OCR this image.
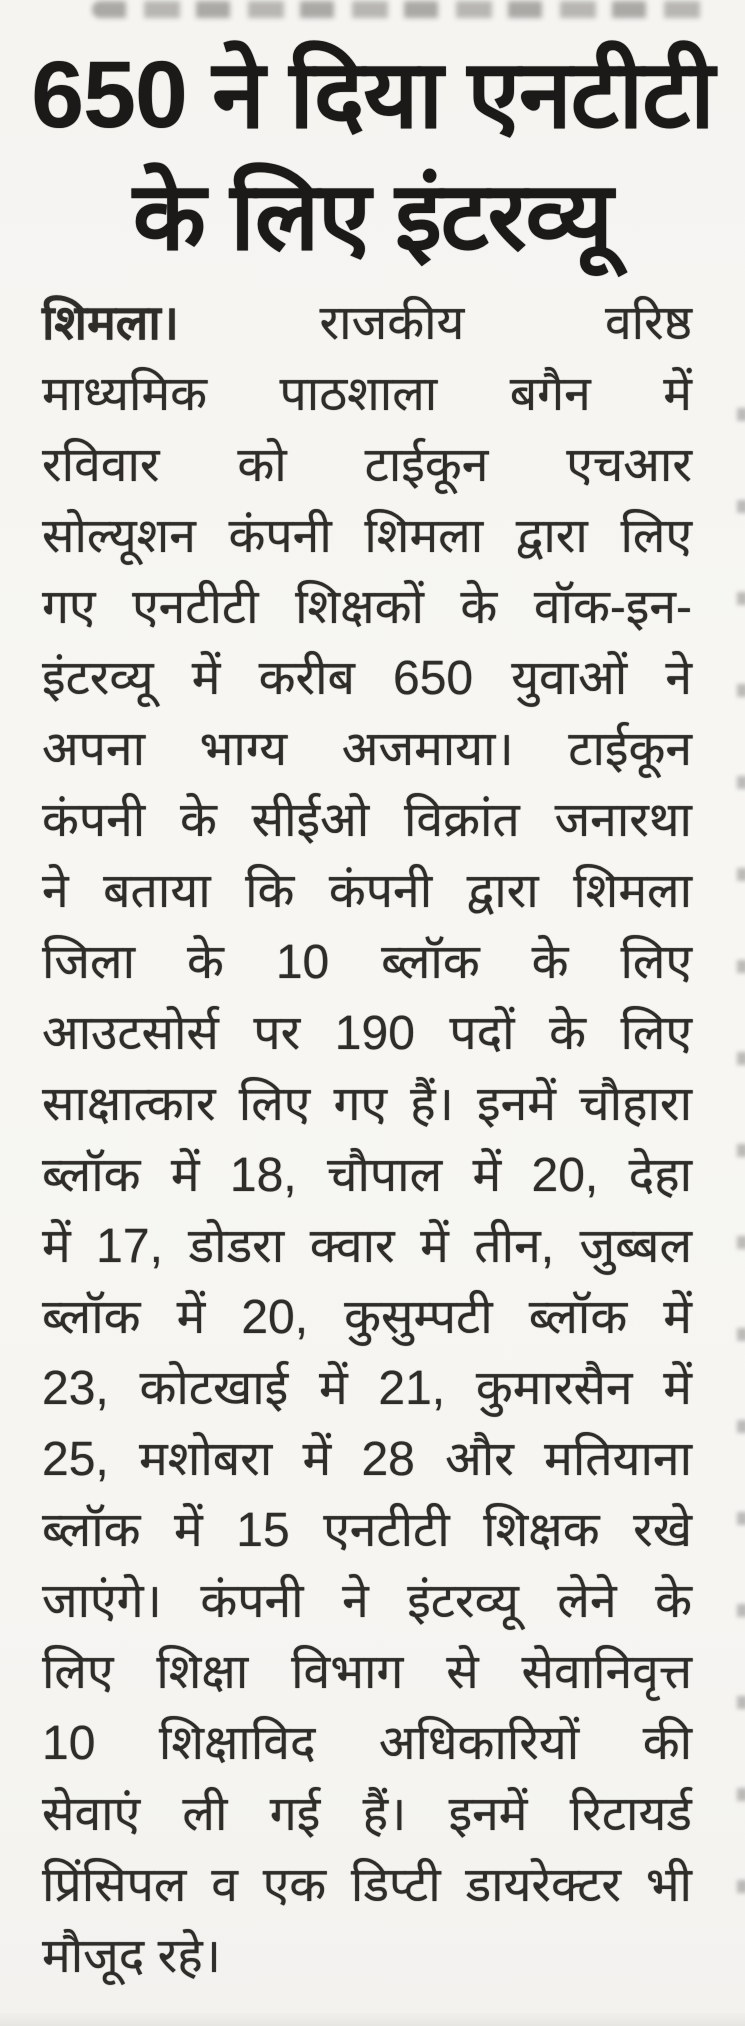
650 ने दिया एनटीटी
के लिए इंटरव्यू
शिमला।	राजकीय वरिष्ठ
माध्यमिक पाठशाला बगैन में
रविवार को टाईकून एचआर
सोल्यूशन कंपनी शिमला द्वारा लिए
गए एनटीटी शिक्षकों के वॉक-इन-
इंटरव्यू में करीब 650 युवाओं ने
अपना भाग्य अजमाया। टाईकून
कंपनी के सीईओ विक्रांत जनारथा
ने बताया कि कंपनी द्वारा शिमला
जिला के 10 ब्लॉक के लिए
आउटसोर्स पर 190 पदों के लिए
साक्षात्कार लिए गए हैं। इनमें चौहारा
ब्लॉक में 18, चौपाल में 20, देहा
में 17, डोडरा क्वार में तीन, जुब्बल
ब्लॉक में 20, कुसुम्पटी ब्लॉक में
23, कोटखाई में 21, कुमारसैन में
25, मशोबरा में 28 और मतियाना
ब्लॉक में 15 एनटीटी शिक्षक रखे
जाएंगे। कंपनी ने इंटरव्यू लेने के
लिए शिक्षा विभाग से सेवानिवृत्त
10 शिक्षाविद अधिकारियों की
सेवाएं ली गई हैं। इनमें रिटायर्ड
प्रिंसिपल व एक डिप्टी डायरेक्टर भी
मौजूद रहे।
